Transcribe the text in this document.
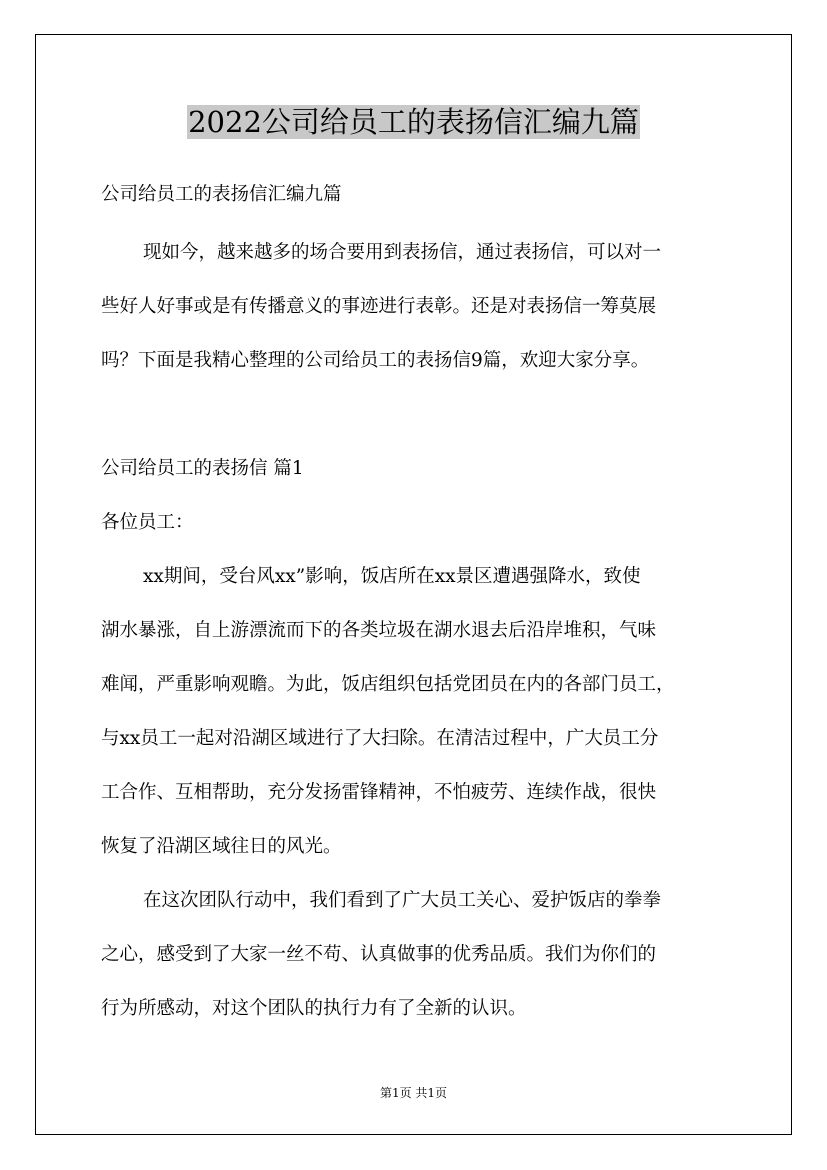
2022公司给员工的表扬信汇编九篇
公司给员工的表扬信汇编九篇
现如今，越来越多的场合要用到表扬信，通过表扬信，可以对一
些好人好事或是有传播意义的事迹进行表彰。还是对表扬信一筹莫展
吗？下面是我精心整理的公司给员工的表扬信9篇，欢迎大家分享。
公司给员工的表扬信 篇1
各位员工：
xx期间，受台风xx”影响，饭店所在xx景区遭遇强降水，致使
湖水暴涨，自上游漂流而下的各类垃圾在湖水退去后沿岸堆积，气味
难闻，严重影响观瞻。为此，饭店组织包括党团员在内的各部门员工，
与xx员工一起对沿湖区域进行了大扫除。在清洁过程中，广大员工分
工合作、互相帮助，充分发扬雷锋精神，不怕疲劳、连续作战，很快
恢复了沿湖区域往日的风光。
在这次团队行动中，我们看到了广大员工关心、爱护饭店的拳拳
之心，感受到了大家一丝不苟、认真做事的优秀品质。我们为你们的
行为所感动，对这个团队的执行力有了全新的认识。
第1页 共1页
